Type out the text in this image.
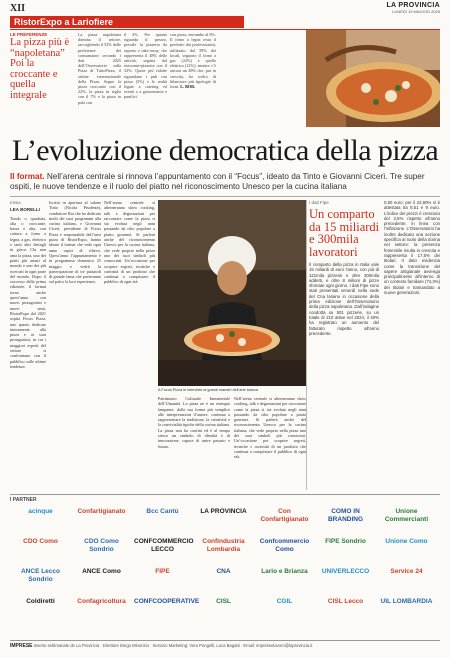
XII	LA PROVINCIA
LUNEDÌ 19 MAGGIO 2025
RistorExpo a Lariofiere
LE PREFERENZE
La pizza più è “napoletana” Poi la croccante e quella integrale
La pizza napoletana domina il settore, raccogliendo il 52% delle preferenze dei consumatori secondo i dati 2025 dell’Osservatorio sulla Pizza di TuttoPizza, il salone internazionale della Pizza. Segue la pizza croccante con il 22%, la pizza in teglia con il 7% e la pizza in pala con
il 4%. Per quanto riguarda il prezzo, prevale la pizzeria da asporto e take-away, che rappresenta il 48% delle attività, seguita dal ristorante-pizzeria con il 32%. Quote più ridotte riguardano i pub con pizza (5%) e le realtà legate a catering ed eventi o a gastronomie e panifici
con pizza, entrambe al 6%. Il forno a legna resta il preferito dai professionisti, utilizzato dal 39% dei locali, seguono il forno a gas (22%) e quello elettrico (21%), mentre c’è ancora un 28% che, pur in crescita, ha scelto di bilanciare più tipologie di forni. L. BOR.
L’evoluzione democratica della pizza
Il format. Nell’arena centrale si rinnova l’appuntamento con il “Focus”, ideato da Tinto e Giovanni Cicerì. Tre super ospiti, le nuove tendenze e il ruolo del piatto nel riconoscimento Unesco per la cucina italiana
ERBA
LEA BORELLI
Tondo o quadrata, alta o croccante, bassa o alta, con cottura a forno a legna, a gas, elettrico e tanti altri dettagli in gioco. Chi non ama la pizza, uno dei piatti più amati al mondo e uno dei più ricercati in ogni parte del mondo. Dopo il successo della prima edizione, il format torna anche quest’anno con nuovi protagonisti e nuovi temi. RistorExpo dal 2021 ospita Focus Pizza, uno spazio dedicato interamente alla pizza e ai suoi protagonisti, in cui i maggiori esperti del settore si confrontano con il pubblico sulle ultime tendenze.
Iscritti in apertura al salone Tinto (Nicola Prudente), conduttore Rai che ha dedicato molti dei suoi programmi alla cucina italiana, e Giovanni Cicerì, presidente di Focus Pizza e responsabile dell’area pizza di RistorExpo, hanno ideato il format che vede ogni anno ospiti di rilievo. Quest’anno l’appuntamento è in programma domenica 25 maggio e vedrà la partecipazione di tre pizzaioli di grande fama che porteranno sul palco la loro esperienza.
Nell’arena centrale si alterneranno show cooking, talk e degustazioni per raccontare come la pizza si sia evoluta negli anni passando da cibo popolare a piatto gourmet. Si parlerà anche del riconoscimento Unesco per la cucina italiana, che vede proprio nella pizza uno dei suoi simboli più conosciuti. Un’occasione per scoprire segreti, tecniche e curiosità di un prodotto che continua a conquistare il pubblico di ogni età.
A Focus Pizza le interviste ai grandi maestri dell’arte bianca
Patrimonio Culturale Immateriale dell’Umanità. La pizza ne è un esempio lampante: dalla sua forma più semplice alle interpretazioni d’autore, continua a rappresentare la tradizione, la creatività e la convivialità tipiche della cucina italiana. La pizza non ha confini ed è al tempo stesso un simbolo di identità e di innovazione, capace di unire passato e futuro.
Nell’arena centrale si alterneranno show cooking, talk e degustazioni per raccontare come la pizza si sia evoluta negli anni passando da cibo popolare a piatto gourmet. Si parlerà anche del riconoscimento Unesco per la cucina italiana, che vede proprio nella pizza uno dei suoi simboli più conosciuti. Un’occasione per scoprire segreti, tecniche e curiosità di un prodotto che continua a conquistare il pubblico di ogni età.
I dati Fipe
Un comparto da 15 miliardi e 300mila lavoratori
Il comparto della pizza in Italia vale 15 miliardi di euro l’anno, con più di 121mila pizzerie e oltre 300mila addetti, e oltre 8 milioni di pizze sfornate ogni giorno. I dati Fipe sono stati presentati venerdì nella sede del Cna lariano in occasione della prima edizione dell’Osservatorio della pizza napoletana. Dall’indagine condotta su 501 pizzerie, su un totale di 210 attive nel 2024, il 40% ha registrato un aumento del fatturato rispetto all’anno precedente.
0,50 euro; per il 22,90% si è attestata tra 8,51 e 9 euro. L’indice dei prezzi è cresciuto del 2,5% rispetto all’anno precedente, in linea con l’inflazione. L’Osservatorio ha inoltre dedicato una sezione specifica al ruolo della donna nel settore: la presenza femminile risulta in crescita e rappresenta il 17,5% dei titolari. Il dato evidenzia come la transizione del sapere artigianale avvenga principalmente all’interno di un contesto familiare (74,3%) dei titolari e tramandato a nuove generazioni.
I PARTNER
acinque	Confartigianato	Bcc Cantù	LA PROVINCIA	Con Confartigianato
COMO IN BRANDING
Unione Commercianti
CDO Como	CDO Como Sondrio
CONFCOMMERCIO LECCO
Confindustria Lombardia
Confcommercio Como
FIPE Sondrio	Unione Como
ANCE Lecco Sondrio
ANCE Como	FIPE	CNA	Lario e Brianza	UNIVERLECCO	Service 24
Coldiretti	Confagricoltura	CONFCOOPERATIVE	CISL	CGIL	CISL Lecco	UIL LOMBARDIA
IMPRESE Inserto settimanale de La Provincia · Direttore Diego Minonzio · Servizio Marketing: Vera Pongelli, Luca Bagatti · Email: impreseelavoro@laprovincia.it
